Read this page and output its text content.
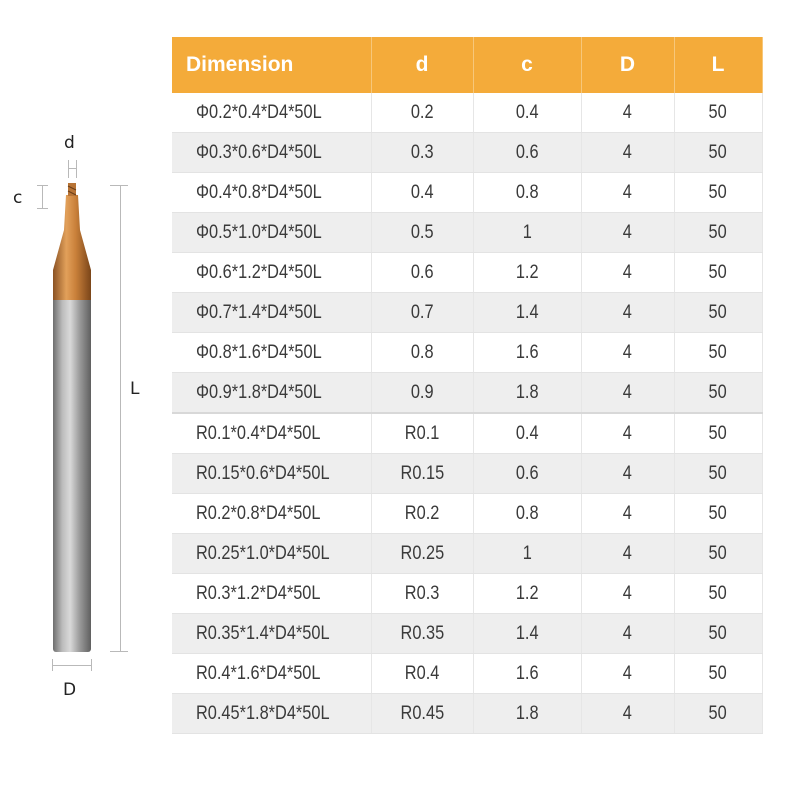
d
c
L
D
Dimension	d	c	D	L
Φ0.2*0.4*D4*50L	0.2	0.4	4	50
Φ0.3*0.6*D4*50L	0.3	0.6	4	50
Φ0.4*0.8*D4*50L	0.4	0.8	4	50
Φ0.5*1.0*D4*50L	0.5	1	4	50
Φ0.6*1.2*D4*50L	0.6	1.2	4	50
Φ0.7*1.4*D4*50L	0.7	1.4	4	50
Φ0.8*1.6*D4*50L	0.8	1.6	4	50
Φ0.9*1.8*D4*50L	0.9	1.8	4	50
R0.1*0.4*D4*50L	R0.1	0.4	4	50
R0.15*0.6*D4*50L	R0.15	0.6	4	50
R0.2*0.8*D4*50L	R0.2	0.8	4	50
R0.25*1.0*D4*50L	R0.25	1	4	50
R0.3*1.2*D4*50L	R0.3	1.2	4	50
R0.35*1.4*D4*50L	R0.35	1.4	4	50
R0.4*1.6*D4*50L	R0.4	1.6	4	50
R0.45*1.8*D4*50L	R0.45	1.8	4	50
